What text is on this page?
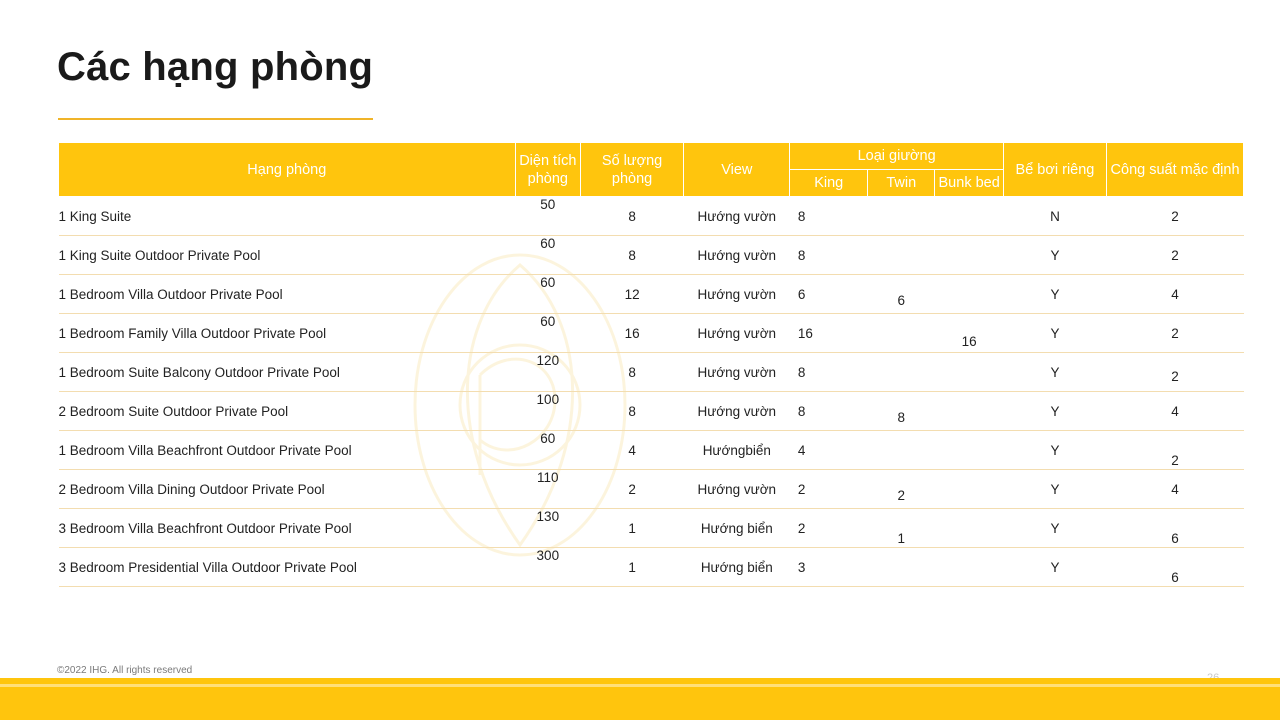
Các hạng phòng
Hạng phòng	Diện tích phòng	Số lượng phòng	View	Loại giường			Bể bơi riêng	Công suất mặc định
				King	Twin	Bunk bed		
1 King Suite	50	8	Hướng vườn	8			N	2
1 King Suite Outdoor Private Pool	60	8	Hướng vườn	8			Y	2
1 Bedroom Villa Outdoor Private Pool	60	12	Hướng vườn	6	6		Y	4
1 Bedroom Family Villa Outdoor Private Pool	60	16	Hướng vườn	16		16	Y	2
1 Bedroom Suite Balcony Outdoor Private Pool	120	8	Hướng vườn	8			Y	2
2 Bedroom Suite Outdoor Private Pool	100	8	Hướng vườn	8	8		Y	4
1 Bedroom Villa Beachfront Outdoor Private Pool	60	4	Hướngbiển	4			Y	2
2 Bedroom Villa Dining Outdoor Private Pool	110	2	Hướng vườn	2	2		Y	4
3 Bedroom Villa Beachfront Outdoor Private Pool	130	1	Hướng biển	2	1		Y	6
3 Bedroom Presidential Villa Outdoor Private Pool	300	1	Hướng biển	3			Y	6
©2022 IHG. All rights reserved
